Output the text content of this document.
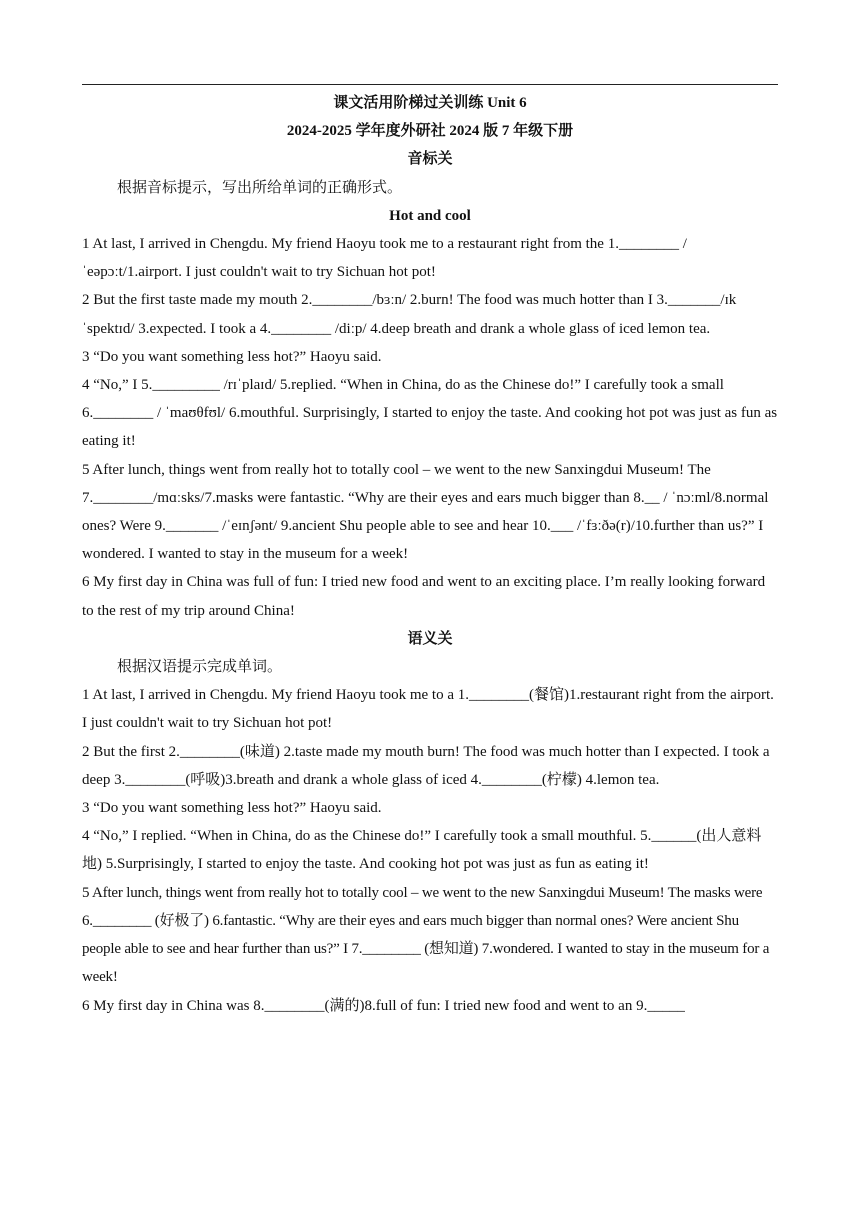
课文活用阶梯过关训练 Unit 6
2024-2025 学年度外研社 2024 版 7 年级下册
音标关
根据音标提示，写出所给单词的正确形式。
Hot and cool

1 At last, I arrived in Chengdu. My friend Haoyu took me to a restaurant right from the 1.________ /ˈeəpɔːt/1.airport. I just couldn't wait to try Sichuan hot pot!

2 But the first taste made my mouth 2.________/bɜːn/ 2.burn! The food was much hotter than I 3._______/ɪkˈspektɪd/ 3.expected. I took a 4.________ /diːp/ 4.deep breath and drank a whole glass of iced lemon tea.

3 “Do you want something less hot?” Haoyu said.

4 “No,” I 5._________ /rɪˈplaɪd/ 5.replied. “When in China, do as the Chinese do!” I carefully took a small 6.________ / ˈmaʊθfʊl/ 6.mouthful. Surprisingly, I started to enjoy the taste. And cooking hot pot was just as fun as eating it!

5 After lunch, things went from really hot to totally cool – we went to the new Sanxingdui Museum! The 7.________/mɑːsks/7.masks were fantastic. “Why are their eyes and ears much bigger than 8.__ / ˈnɔːml/8.normal ones? Were 9._______ /ˈeɪnʃənt/ 9.ancient Shu people able to see and hear 10.___ /ˈfɜːðə(r)/10.further than us?” I wondered. I wanted to stay in the museum for a week!

6 My first day in China was full of fun: I tried new food and went to an exciting place. I’m really looking forward to the rest of my trip around China!

语义关
根据汉语提示完成单词。

1 At last, I arrived in Chengdu. My friend Haoyu took me to a 1.________(餐馆)1.restaurant right from the airport. I just couldn't wait to try Sichuan hot pot!

2 But the first 2.________(味道) 2.taste made my mouth burn! The food was much hotter than I expected. I took a deep 3.________(呼吸)3.breath and drank a whole glass of iced 4.________(柠檬) 4.lemon tea.

3 “Do you want something less hot?” Haoyu said.

4 “No,” I replied. “When in China, do as the Chinese do!” I carefully took a small mouthful. 5.______(出人意料地) 5.Surprisingly, I started to enjoy the taste. And cooking hot pot was just as fun as eating it!

5 After lunch, things went from really hot to totally cool – we went to the new Sanxingdui Museum! The masks were 6.________ (好极了) 6.fantastic. “Why are their eyes and ears much bigger than normal ones? Were ancient Shu people able to see and hear further than us?” I 7.________ (想知道) 7.wondered. I wanted to stay in the museum for a week!

6 My first day in China was 8.________(满的)8.full of fun: I tried new food and went to an 9._____
